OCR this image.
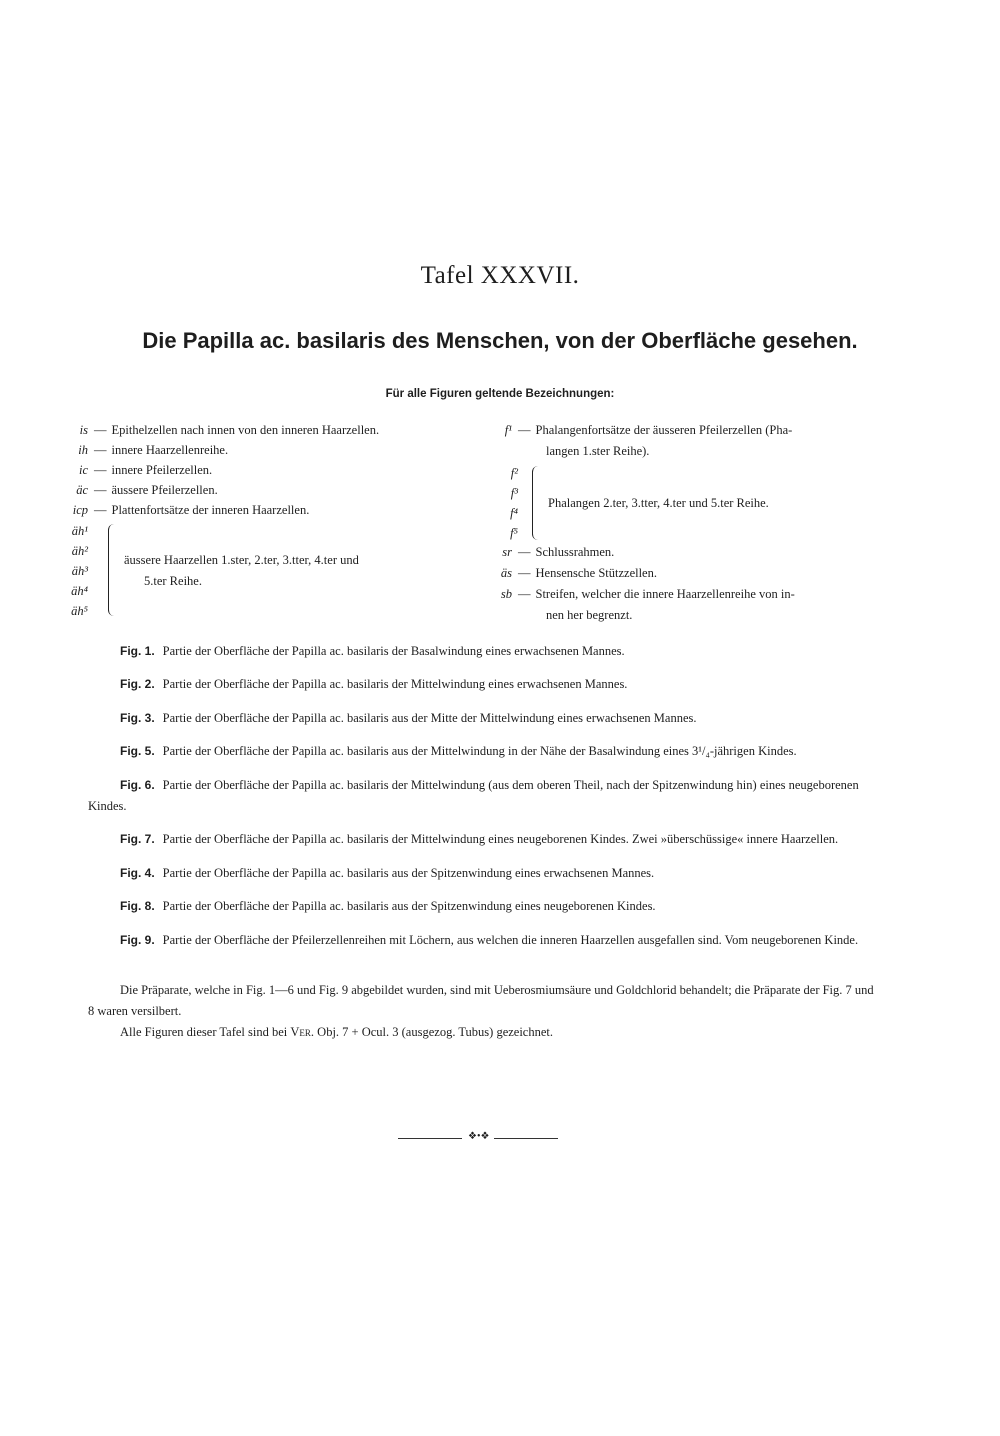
Tafel XXXVII.
Die Papilla ac. basilaris des Menschen, von der Oberfläche gesehen.
Für alle Figuren geltende Bezeichnungen:
is — Epithelzellen nach innen von den inneren Haarzellen.
ih — innere Haarzellenreihe.
ic — innere Pfeilerzellen.
äc — äussere Pfeilerzellen.
icp — Plattenfortsätze der inneren Haarzellen.
äh¹
äh²
äh³
äh⁴
äh⁵
äussere Haarzellen 1.ster, 2.ter, 3.tter, 4.ter und
5.ter Reihe.
f¹ — Phalangenfortsätze der äusseren Pfeilerzellen (Pha-
langen 1.ster Reihe).
f²
f³
f⁴
f⁵
Phalangen 2.ter, 3.tter, 4.ter und 5.ter Reihe.
sr — Schlussrahmen.
äs — Hensensche Stützzellen.
sb — Streifen, welcher die innere Haarzellenreihe von in-
nen her begrenzt.

Fig. 1. Partie der Oberfläche der Papilla ac. basilaris der Basalwindung eines erwachsenen Mannes.

Fig. 2. Partie der Oberfläche der Papilla ac. basilaris der Mittelwindung eines erwachsenen Mannes.

Fig. 3. Partie der Oberfläche der Papilla ac. basilaris aus der Mitte der Mittelwindung eines erwachsenen Mannes.

Fig. 5. Partie der Oberfläche der Papilla ac. basilaris aus der Mittelwindung in der Nähe der Basalwindung eines 3¹/₄-jährigen Kindes.

Fig. 6. Partie der Oberfläche der Papilla ac. basilaris der Mittelwindung (aus dem oberen Theil, nach der Spitzenwindung hin) eines neugeborenen Kindes.

Fig. 7. Partie der Oberfläche der Papilla ac. basilaris der Mittelwindung eines neugeborenen Kindes. Zwei »überschüssige« innere Haarzellen.

Fig. 4. Partie der Oberfläche der Papilla ac. basilaris aus der Spitzenwindung eines erwachsenen Mannes.

Fig. 8. Partie der Oberfläche der Papilla ac. basilaris aus der Spitzenwindung eines neugeborenen Kindes.

Fig. 9. Partie der Oberfläche der Pfeilerzellenreihen mit Löchern, aus welchen die inneren Haarzellen ausgefallen sind. Vom neugeborenen Kinde.

Die Präparate, welche in Fig. 1—6 und Fig. 9 abgebildet wurden, sind mit Ueberosmiumsäure und Goldchlorid behandelt; die Präparate der Fig. 7 und 8 waren versilbert.

Alle Figuren dieser Tafel sind bei Ver. Obj. 7 + Ocul. 3 (ausgezog. Tubus) gezeichnet.

❖•❖
